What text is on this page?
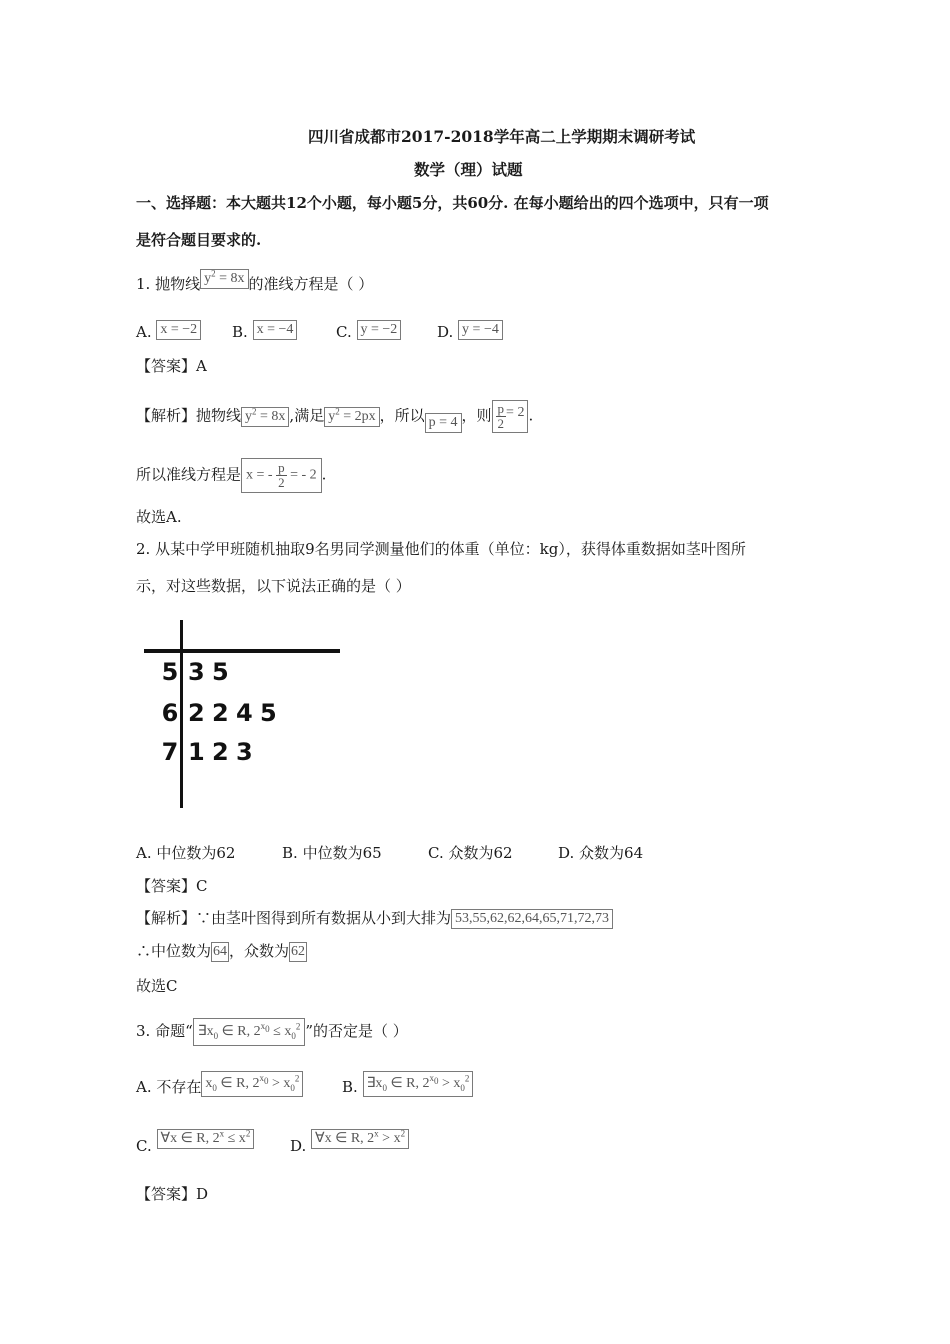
四川省成都市2017-2018学年高二上学期期末调研考试
数学（理）试题
一、选择题：本大题共12个小题，每小题5分，共60分. 在每小题给出的四个选项中，只有一项
是符合题目要求的.
1. 抛物线 $y^2 = 8x$ 的准线方程是（ ）
A. x = −2 B. x = −4	C. y = −2	D. y = −4
【答案】A
【解析】抛物线 $y^2 = 8x$ ,满足 $y^2 = 2px$ ，所以 p = 4 ，则 $\frac{p}{2} = 2$ .
所以准线方程是 x = - $\frac{p}{2}$ = - 2 .
故选A.
2. 从某中学甲班随机抽取9名男同学测量他们的体重（单位：kg），获得体重数据如茎叶图所
示，对这些数据，以下说法正确的是（ ）
5 3 5
6 2 2 4 5
7 1 2 3
A. 中位数为62	B. 中位数为65	C. 众数为62	D. 众数为64
【答案】C
【解析】∵由茎叶图得到所有数据从小到大排为 53,55,62,62,64,65,71,72,73
∴中位数为 64 ，众数为 62
故选C
3. 命题“ $\exists x_0$ ∈ R, $2^{x_0} \le x_0^2$ ”的否定是（ ）
A. 不存在 $x_0$ ∈ R, $2^{x_0} > x_0^2$	B. $\exists x_0$ ∈ R, $2^{x_0} > x_0^2$
C. ∀x ∈ R, $2^x \le x^2D$. ∀x ∈ R, $2^x > x^2$
【答案】D
